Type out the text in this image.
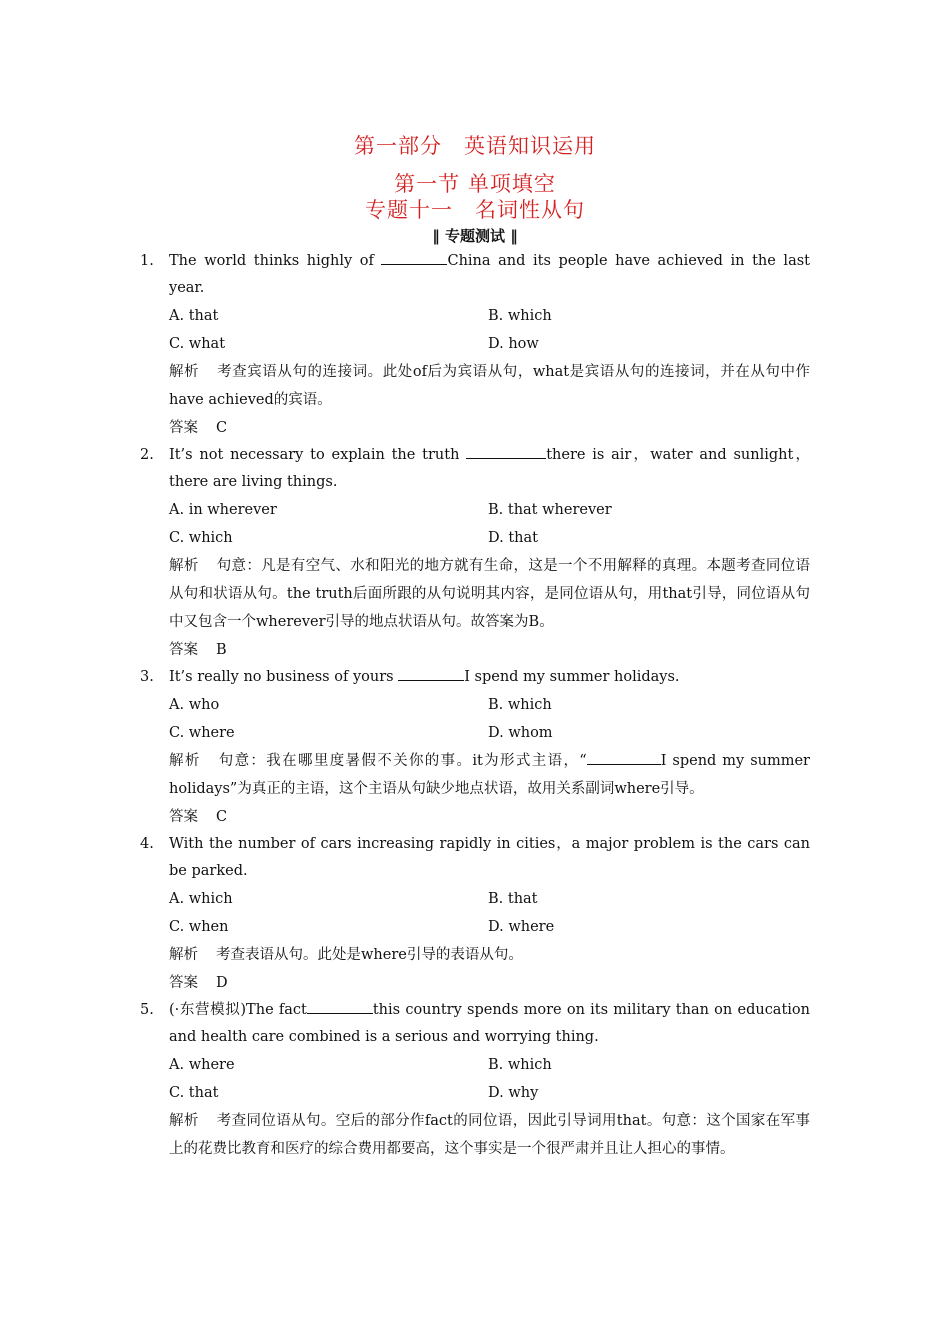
第一部分　英语知识运用
第一节 单项填空
专题十一　名词性从句
‖ 专题测试 ‖
1. The world thinks highly of	China and its people have achieved in the last year.
A. that	B. which
C. what	D. how
解析 考查宾语从句的连接词。此处of后为宾语从句，what是宾语从句的连接词，并在从句中作have achieved的宾语。
答案 C
2. It’s not necessary to explain the truth	there is air，water and sunlight，there are living things.
A. in wherever	B. that wherever
C. which	D. that
解析 句意：凡是有空气、水和阳光的地方就有生命，这是一个不用解释的真理。本题考查同位语从句和状语从句。the truth后面所跟的从句说明其内容，是同位语从句，用that引导，同位语从句中又包含一个wherever引导的地点状语从句。故答案为B。
答案 B
3. It’s really no business of yours	I spend my summer holidays.
A. who	B. which
C. where	D. whom
解析 句意：我在哪里度暑假不关你的事。it为形式主语，“	I spend my summer holidays”为真正的主语，这个主语从句缺少地点状语，故用关系副词where引导。
答案 C
4. With the number of cars increasing rapidly in cities，a major problem is the cars can be parked.
A. which	B. that
C. when	D. where
解析 考查表语从句。此处是where引导的表语从句。
答案 D
5. (·东营模拟)The fact	this country spends more on its military than on education and health care combined is a serious and worrying thing.
A. where	B. which
C. that	D. why
解析 考查同位语从句。空后的部分作fact的同位语，因此引导词用that。句意：这个国家在军事上的花费比教育和医疗的综合费用都要高，这个事实是一个很严肃并且让人担心的事情。
